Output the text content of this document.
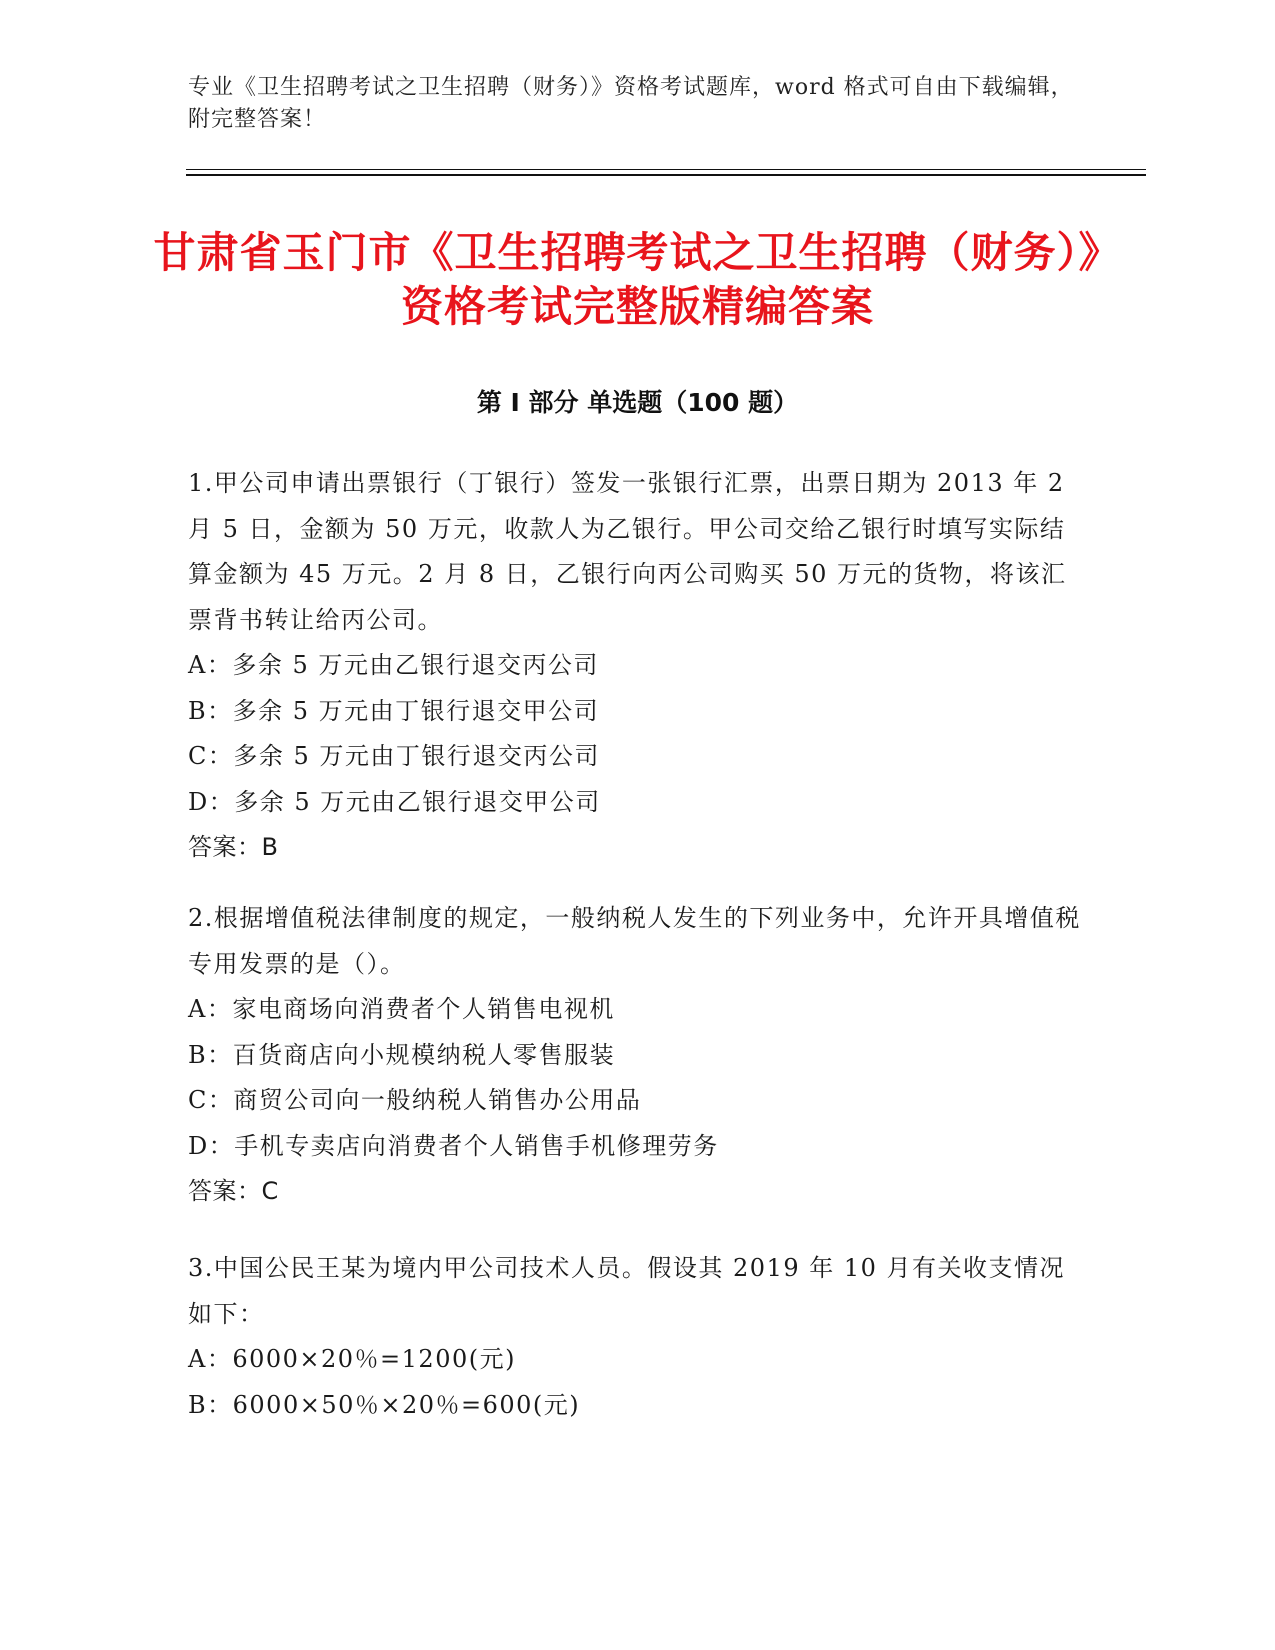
专业《卫生招聘考试之卫生招聘（财务）》资格考试题库，word 格式可自由下载编辑，附完整答案！
甘肃省玉门市《卫生招聘考试之卫生招聘（财务）》资格考试完整版精编答案
第 I 部分 单选题（100 题）

1.甲公司申请出票银行（丁银行）签发一张银行汇票，出票日期为 2013 年 2 月 5 日，金额为 50 万元，收款人为乙银行。甲公司交给乙银行时填写实际结算金额为 45 万元。2 月 8 日，乙银行向丙公司购买 50 万元的货物，将该汇票背书转让给丙公司。

A：多余 5 万元由乙银行退交丙公司

B：多余 5 万元由丁银行退交甲公司

C：多余 5 万元由丁银行退交丙公司

D：多余 5 万元由乙银行退交甲公司

答案：B

2.根据增值税法律制度的规定，一般纳税人发生的下列业务中，允许开具增值税专用发票的是（）。

A：家电商场向消费者个人销售电视机

B：百货商店向小规模纳税人零售服装

C：商贸公司向一般纳税人销售办公用品

D：手机专卖店向消费者个人销售手机修理劳务

答案：C

3.中国公民王某为境内甲公司技术人员。假设其 2019 年 10 月有关收支情况如下：

A：6000×20％=1200(元)

B：6000×50％×20％=600(元)
